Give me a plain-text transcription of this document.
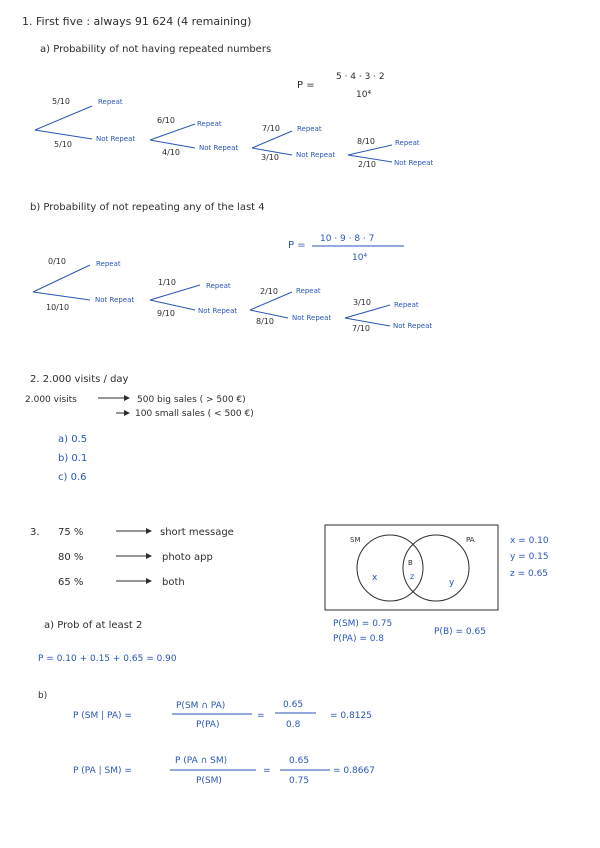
1. First five : always 91 624 (4 remaining)
a) Probability of not having repeated numbers
P =
5 · 4 · 3 · 2
10⁴
5/10	Repeat
5/10
Not Repeat
6/10	Repeat
4/10	Not Repeat
7/10 Repeat
3/10 Not Repeat
8/10	Repeat
2/10	Not Repeat
b) Probability of not repeating any of the last 4
P =
10 · 9 · 8 · 7
10⁴
0/10	Repeat
10/10
Not Repeat
1/10	Repeat
9/10	Not Repeat
2/10	Repeat
8/10	Not Repeat
3/10	Repeat
7/10	Not Repeat
2. 2.000 visits / day
2.000 visits	500 big sales ( > 500 €)
100 small sales ( < 500 €)
a) 0.5
b) 0.1
c) 0.6
3. 75 %	short message
80 %	photo app
65 %	both
SM	PA
x
B
z
y
x = 0.10
y = 0.15
z = 0.65
P(SM) = 0.75
P(PA) = 0.8
P(B) = 0.65
a) Prob of at least 2
P = 0.10 + 0.15 + 0.65 = 0.90
b)
P (SM | PA) =
P(SM ∩ PA)
P(PA)
=
0.65
0.8
= 0.8125
P (PA | SM) =
P (PA ∩ SM)
P(SM)
=
0.65
0.75
= 0.8667
